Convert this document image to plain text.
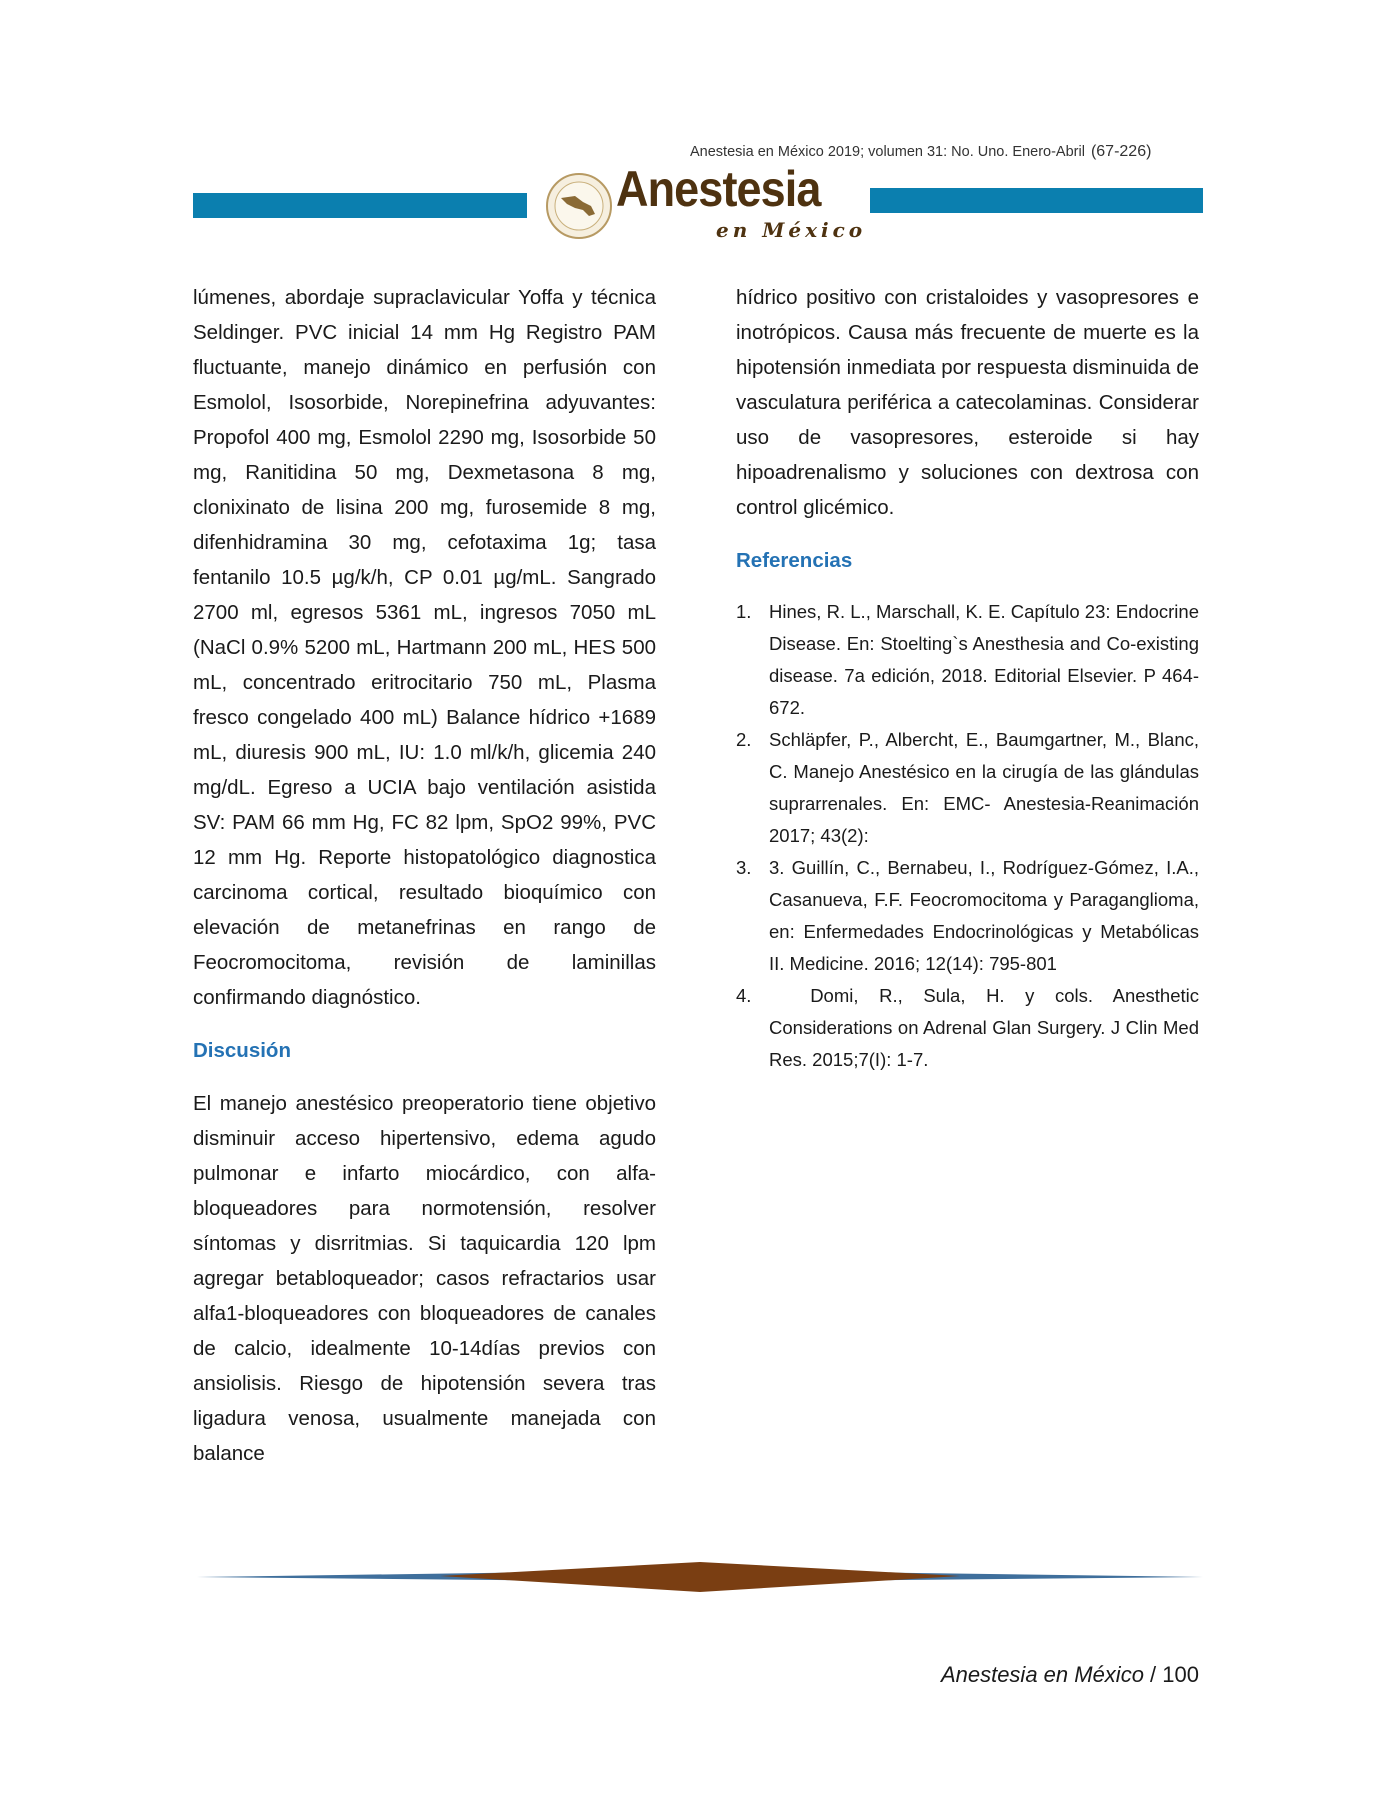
Anestesia en México 2019; volumen 31: No. Uno. Enero-Abril (67-226)
Anestesia
en México

lúmenes, abordaje supraclavicular Yoffa y técnica Seldinger. PVC inicial 14 mm Hg Registro PAM fluctuante, manejo dinámico en perfusión con Esmolol, Isosorbide, Norepinefrina adyuvantes: Propofol 400 mg, Esmolol 2290 mg, Isosorbide 50 mg, Ranitidina 50 mg, Dexmetasona 8 mg, clonixinato de lisina 200 mg, furosemide 8 mg, difenhidramina 30 mg, cefotaxima 1g; tasa fentanilo 10.5 µg/k/h, CP 0.01 µg/mL. Sangrado 2700 ml, egresos 5361 mL, ingresos 7050 mL (NaCl 0.9% 5200 mL, Hartmann 200 mL, HES 500 mL, concentrado eritrocitario 750 mL, Plasma fresco congelado 400 mL) Balance hídrico +1689 mL, diuresis 900 mL, IU: 1.0 ml/k/h, glicemia 240 mg/dL. Egreso a UCIA bajo ventilación asistida SV: PAM 66 mm Hg, FC 82 lpm, SpO2 99%, PVC 12 mm Hg. Reporte histopatológico diagnostica carcinoma cortical, resultado bioquímico con elevación de metanefrinas en rango de Feocromocitoma, revisión de laminillas confirmando diagnóstico.

Discusión

El manejo anestésico preoperatorio tiene objetivo disminuir acceso hipertensivo, edema agudo pulmonar e infarto miocárdico, con alfa-bloqueadores para normotensión, resolver síntomas y disrritmias. Si taquicardia 120 lpm agregar betabloqueador; casos refractarios usar alfa1-bloqueadores con bloqueadores de canales de calcio, idealmente 10-14días previos con ansiolisis. Riesgo de hipotensión severa tras ligadura venosa, usualmente manejada con balance

hídrico positivo con cristaloides y vasopresores e inotrópicos. Causa más frecuente de muerte es la hipotensión inmediata por respuesta disminuida de vasculatura periférica a catecolaminas. Considerar uso de vasopresores, esteroide si hay hipoadrenalismo y soluciones con dextrosa con control glicémico.

Referencias
1. Hines, R. L., Marschall, K. E. Capítulo 23: Endocrine Disease. En: Stoelting`s Anesthesia and Co-existing disease. 7a edición, 2018. Editorial Elsevier. P 464-672.
2. Schläpfer, P., Albercht, E., Baumgartner, M., Blanc, C. Manejo Anestésico en la cirugía de las glándulas suprarrenales. En: EMC- Anestesia-Reanimación 2017; 43(2):
3. 3. Guillín, C., Bernabeu, I., Rodríguez-Gómez, I.A., Casanueva, F.F. Feocromocitoma y Paraganglioma, en: Enfermedades Endocrinológicas y Metabólicas II. Medicine. 2016; 12(14): 795-801
4. Domi, R., Sula, H. y cols. Anesthetic Considerations on Adrenal Glan Surgery. J Clin Med Res. 2015;7(I): 1-7.
Anestesia en México / 100
